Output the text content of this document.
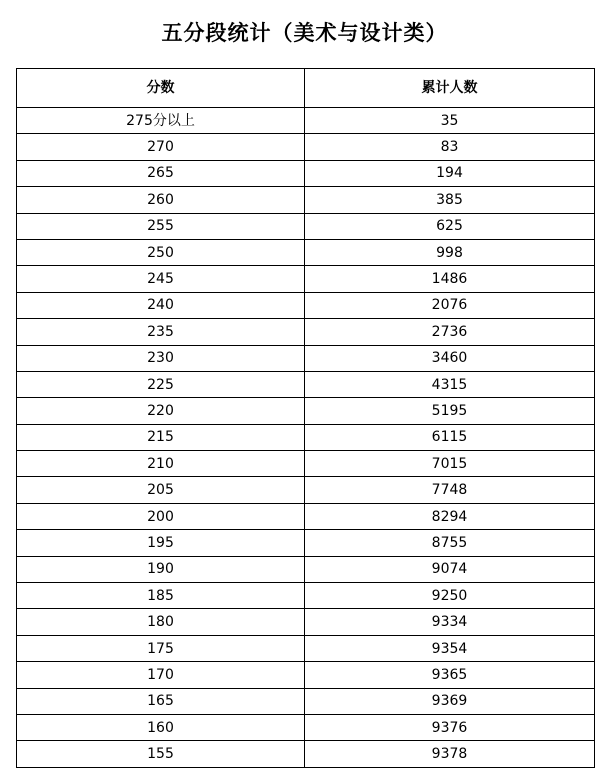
五分段统计（美术与设计类）
分数	累计人数
275分以上	35
270	83
265	194
260	385
255	625
250	998
245	1486
240	2076
235	2736
230	3460
225	4315
220	5195
215	6115
210	7015
205	7748
200	8294
195	8755
190	9074
185	9250
180	9334
175	9354
170	9365
165	9369
160	9376
155	9378
